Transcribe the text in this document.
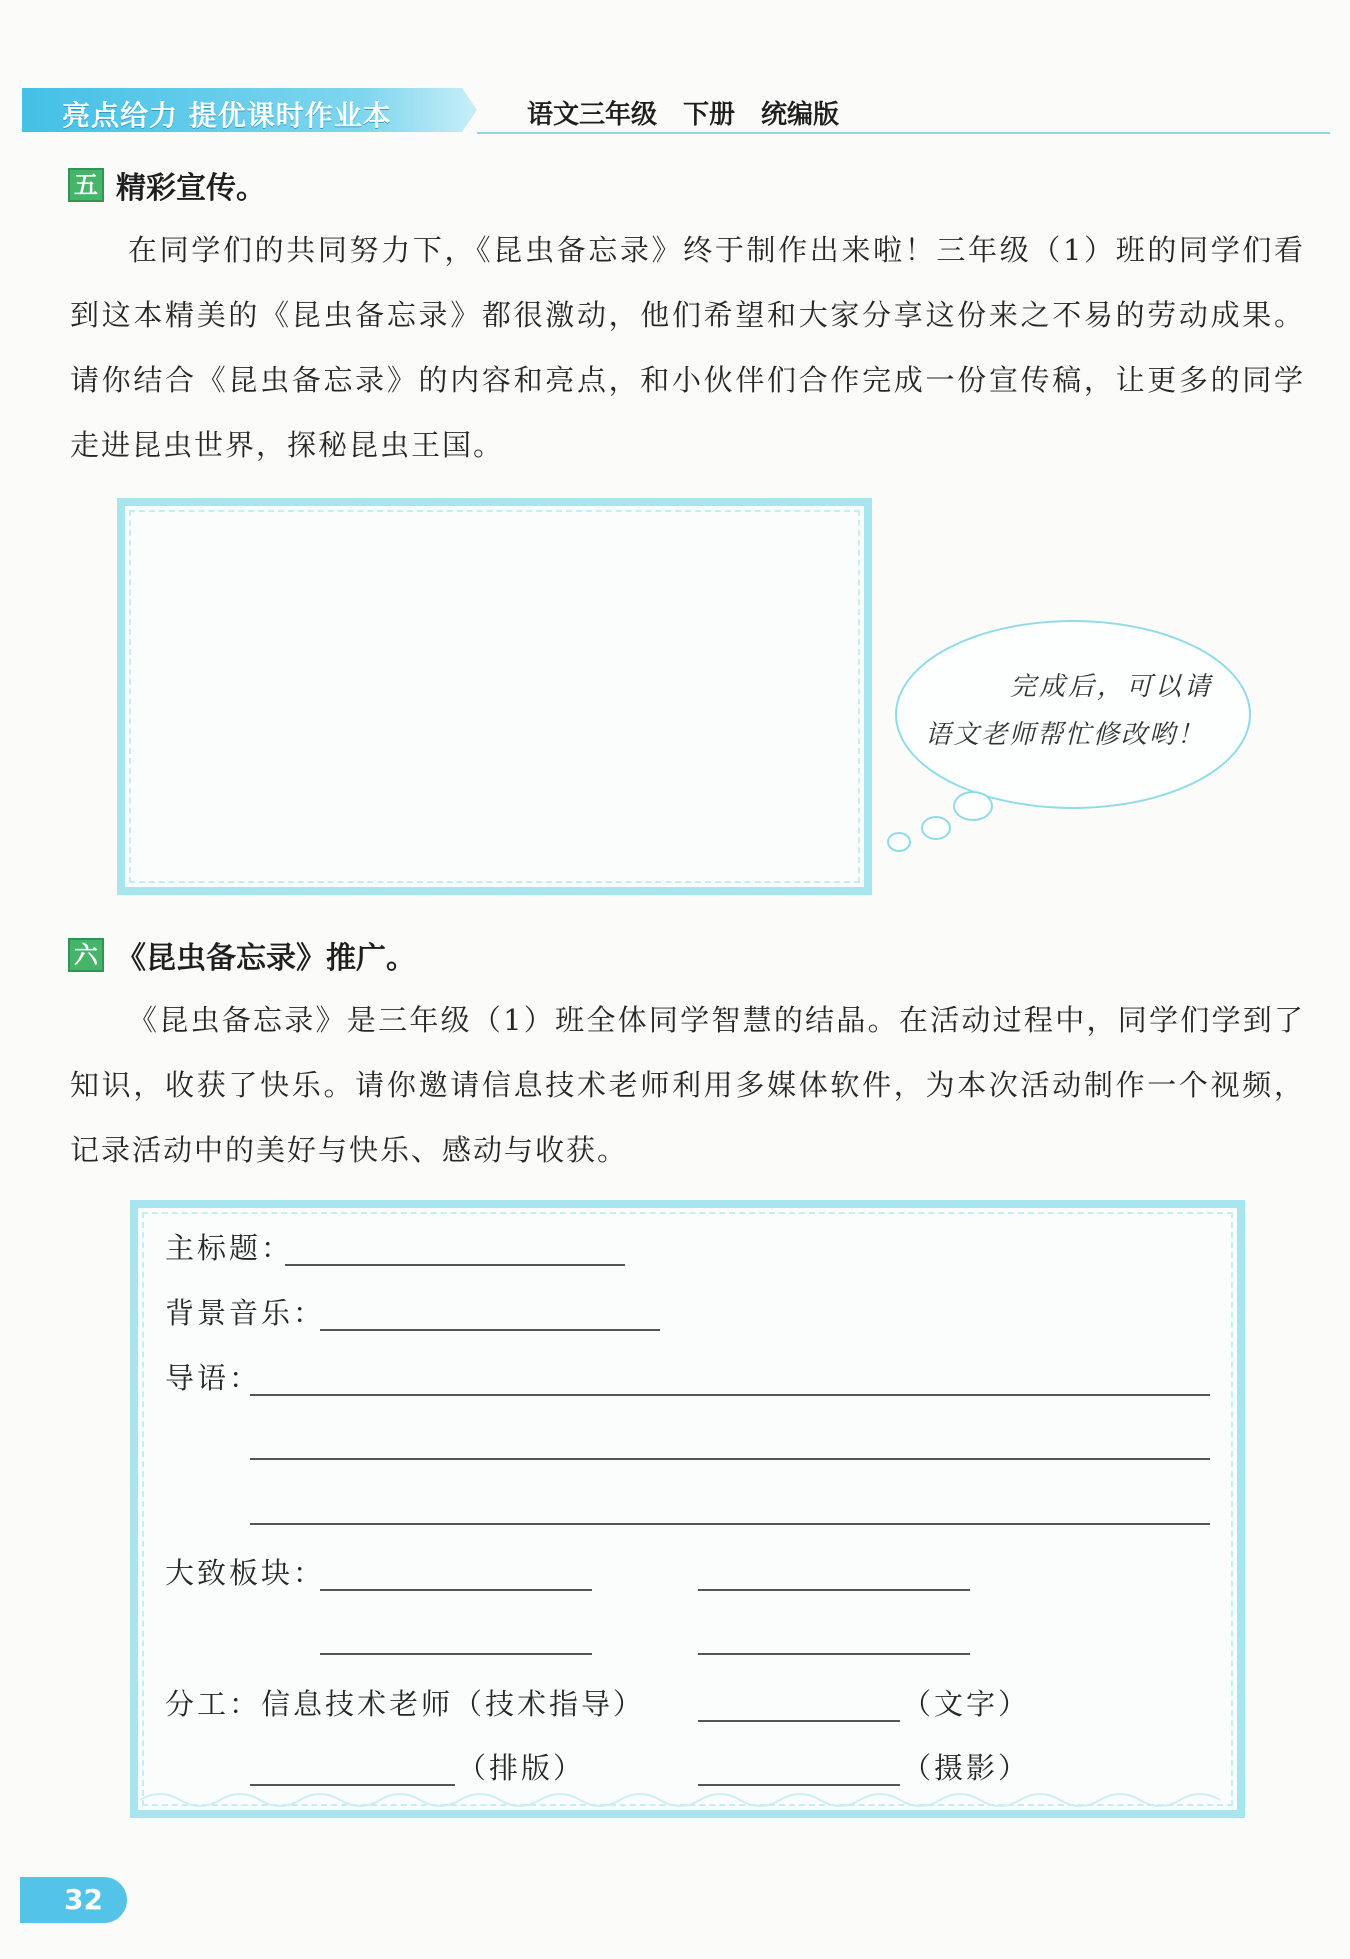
亮点给力 提优课时作业本	语文三年级　下册　统编版
五 精彩宣传。
在同学们的共同努力下，《昆虫备忘录》终于制作出来啦！三年级（1）班的同学们看到这本精美的《昆虫备忘录》都很激动，他们希望和大家分享这份来之不易的劳动成果。请你结合《昆虫备忘录》的内容和亮点，和小伙伴们合作完成一份宣传稿，让更多的同学走进昆虫世界，探秘昆虫王国。
完成后，可以请
语文老师帮忙修改哟！
六 《昆虫备忘录》推广。
《昆虫备忘录》是三年级（1）班全体同学智慧的结晶。在活动过程中，同学们学到了知识，收获了快乐。请你邀请信息技术老师利用多媒体软件，为本次活动制作一个视频，记录活动中的美好与快乐、感动与收获。
主标题：
背景音乐：
导语：
大致板块：
分工：信息技术老师（技术指导）	（文字）
（排版）	（摄影）
32
